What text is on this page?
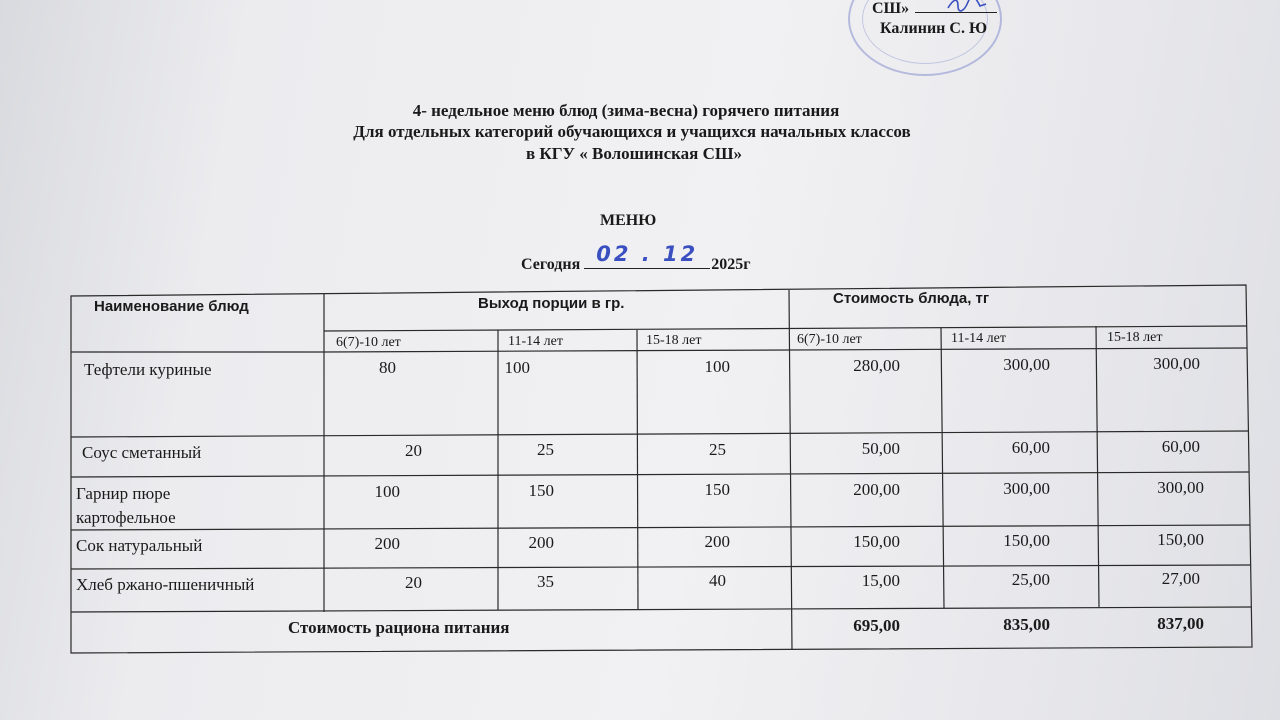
СШ»
Калинин С. Ю
4- недельное меню блюд (зима-весна) горячего питания
Для отдельных категорий обучающихся и учащихся начальных классов
в КГУ « Волошинская СШ»
МЕНЮ
Сегодня 02 . 12 2025г
Наименование блюд	Выход порции в гр.	Стоимость блюда, тг
6(7)-10 лет	11-14 лет	15-18 лет	6(7)-10 лет	11-14 лет	15-18 лет
Тефтели куриные	80	100	100	280,00	300,00	300,00
Соус сметанный	20	25	25	50,00	60,00	60,00
Гарнир пюре
картофельное
100	150	150	200,00	300,00	300,00
Сок натуральный	200	200	200	150,00	150,00	150,00
Хлеб ржано-пшеничный	20	35	40	15,00	25,00	27,00
Стоимость рациона питания	695,00	835,00	837,00
